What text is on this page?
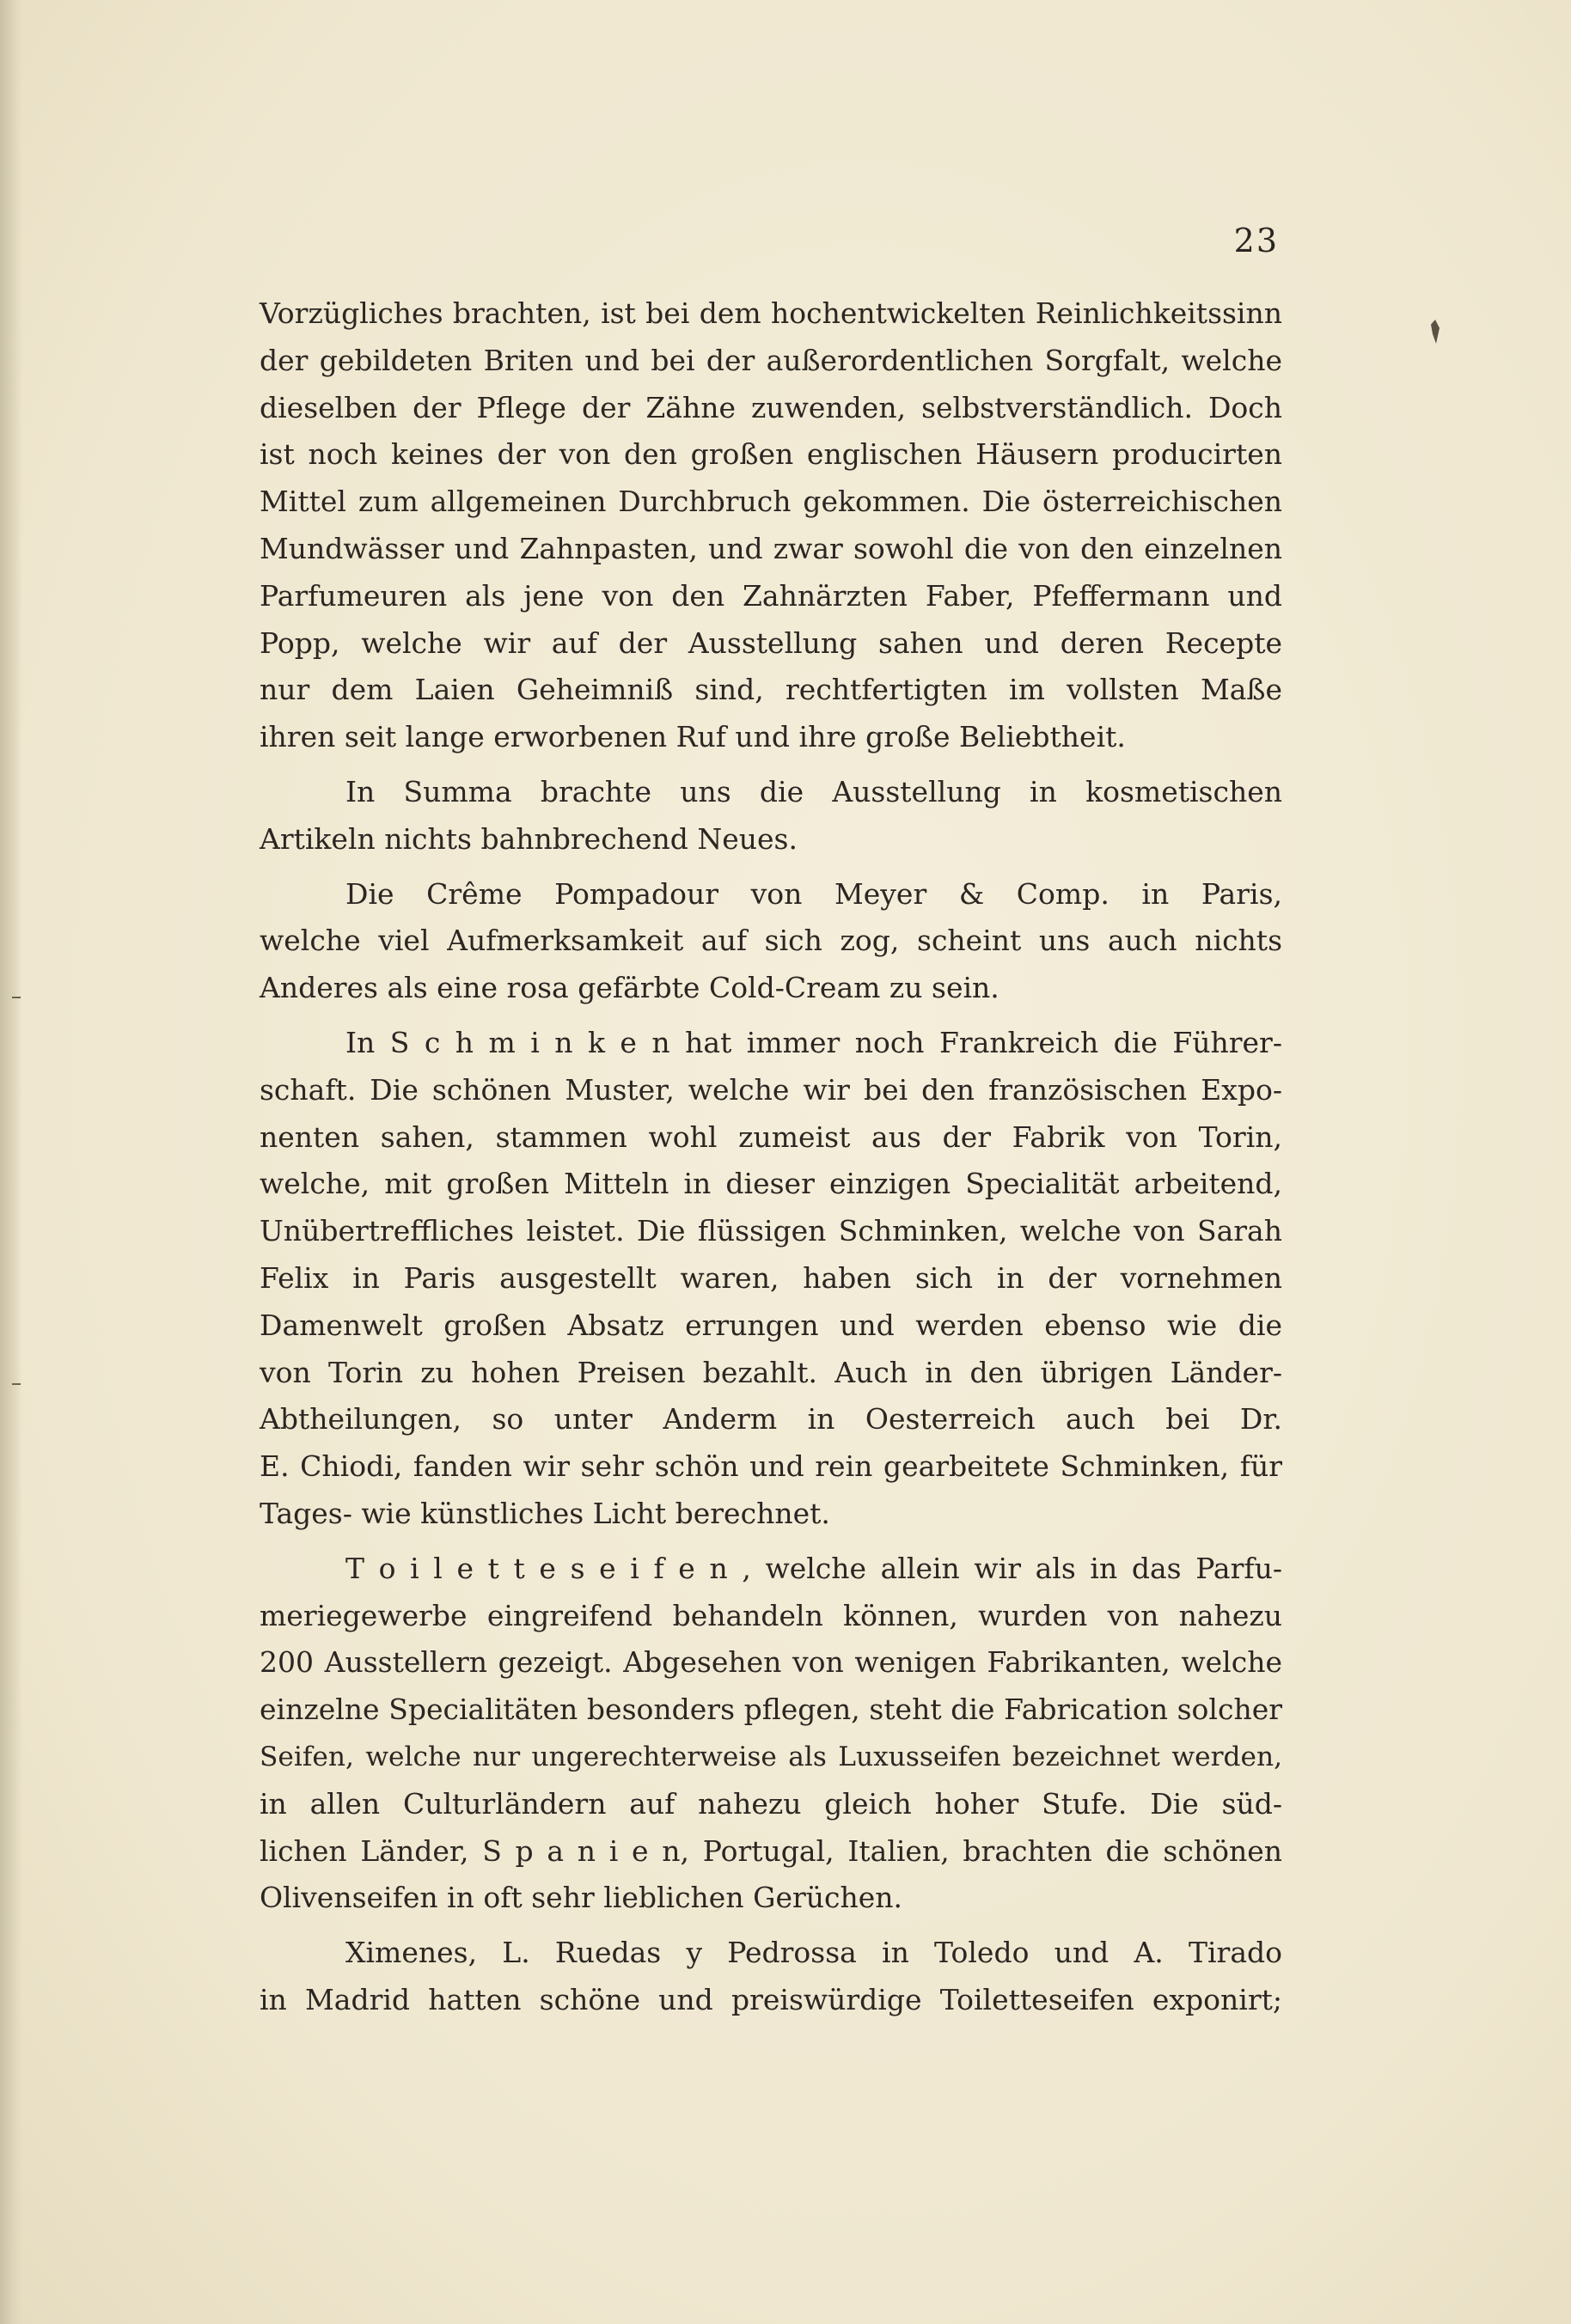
23
Vorzügliches brachten, ist bei dem hochentwickelten Reinlichkeitssinn
der gebildeten Briten und bei der außerordentlichen Sorgfalt, welche
dieselben der Pflege der Zähne zuwenden, selbstverständlich. Doch
ist noch keines der von den großen englischen Häusern producirten
Mittel zum allgemeinen Durchbruch gekommen. Die österreichischen
Mundwässer und Zahnpasten, und zwar sowohl die von den einzelnen
Parfumeuren als jene von den Zahnärzten Faber, Pfeffermann und
Popp, welche wir auf der Ausstellung sahen und deren Recepte
nur dem Laien Geheimniß sind, rechtfertigten im vollsten Maße
ihren seit lange erworbenen Ruf und ihre große Beliebtheit.
In Summa brachte uns die Ausstellung in kosmetischen
Artikeln nichts bahnbrechend Neues.
Die Crême Pompadour von Meyer & Comp. in Paris,
welche viel Aufmerksamkeit auf sich zog, scheint uns auch nichts
Anderes als eine rosa gefärbte Cold-Cream zu sein.
In S c h m i n k e n hat immer noch Frankreich die Führer-
schaft. Die schönen Muster, welche wir bei den französischen Expo-
nenten sahen, stammen wohl zumeist aus der Fabrik von Torin,
welche, mit großen Mitteln in dieser einzigen Specialität arbeitend,
Unübertreffliches leistet. Die flüssigen Schminken, welche von Sarah
Felix in Paris ausgestellt waren, haben sich in der vornehmen
Damenwelt großen Absatz errungen und werden ebenso wie die
von Torin zu hohen Preisen bezahlt. Auch in den übrigen Länder-
Abtheilungen, so unter Anderm in Oesterreich auch bei Dr.
E. Chiodi, fanden wir sehr schön und rein gearbeitete Schminken, für
Tages- wie künstliches Licht berechnet.
T o i l e t t e s e i f e n , welche allein wir als in das Parfu-
meriegewerbe eingreifend behandeln können, wurden von nahezu
200 Ausstellern gezeigt. Abgesehen von wenigen Fabrikanten, welche
einzelne Specialitäten besonders pflegen, steht die Fabrication solcher
Seifen, welche nur ungerechterweise als Luxusseifen bezeichnet werden,
in allen Culturländern auf nahezu gleich hoher Stufe. Die süd-
lichen Länder, S p a n i e n, Portugal, Italien, brachten die schönen
Olivenseifen in oft sehr lieblichen Gerüchen.
Ximenes, L. Ruedas y Pedrossa in Toledo und A. Tirado
in Madrid hatten schöne und preiswürdige Toiletteseifen exponirt;
